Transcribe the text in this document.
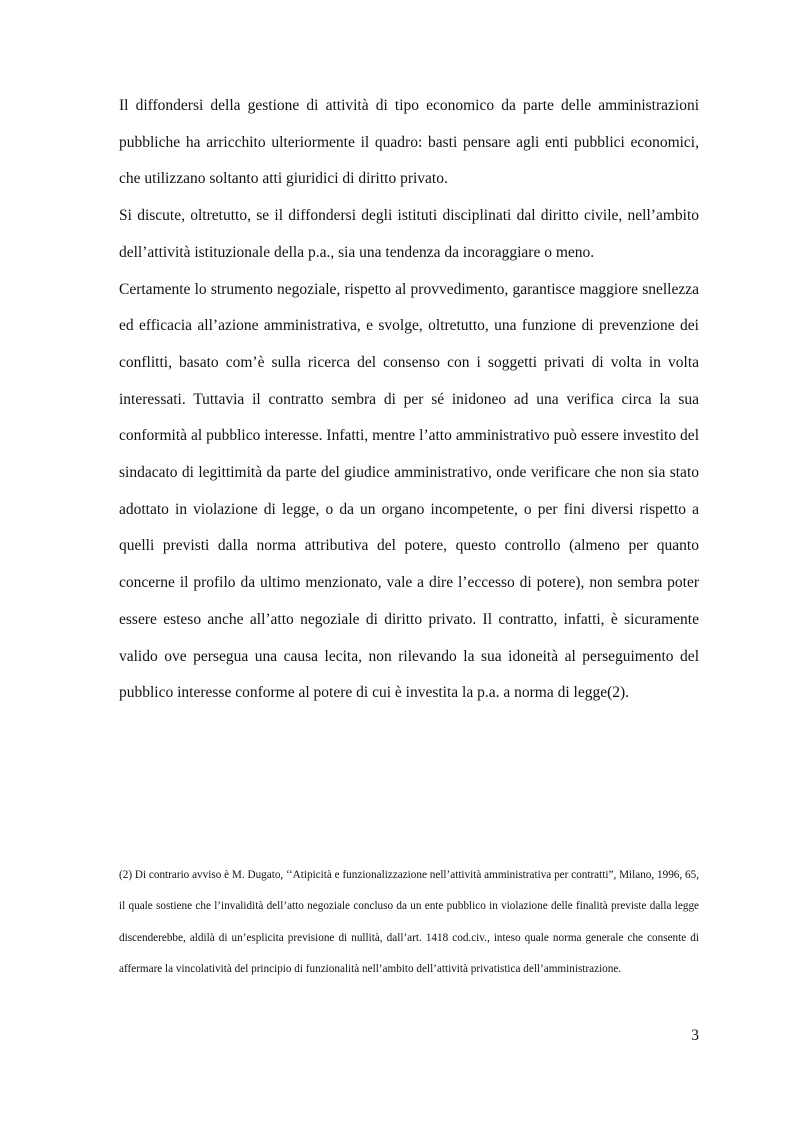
Il diffondersi della gestione di attività di tipo economico da parte delle amministrazioni pubbliche ha arricchito ulteriormente il quadro: basti pensare agli enti pubblici economici, che utilizzano soltanto atti giuridici di diritto privato.

Si discute, oltretutto, se il diffondersi degli istituti disciplinati dal diritto civile, nell’ambito dell’attività istituzionale della p.a., sia una tendenza da incoraggiare o meno.

Certamente lo strumento negoziale, rispetto al provvedimento, garantisce maggiore snellezza ed efficacia all’azione amministrativa, e svolge, oltretutto, una funzione di prevenzione dei conflitti, basato com’è sulla ricerca del consenso con i soggetti privati di volta in volta interessati. Tuttavia il contratto sembra di per sé inidoneo ad una verifica circa la sua conformità al pubblico interesse. Infatti, mentre l’atto amministrativo può essere investito del sindacato di legittimità da parte del giudice amministrativo, onde verificare che non sia stato adottato in violazione di legge, o da un organo incompetente, o per fini diversi rispetto a quelli previsti dalla norma attributiva del potere, questo controllo (almeno per quanto concerne il profilo da ultimo menzionato, vale a dire l’eccesso di potere), non sembra poter essere esteso anche all’atto negoziale di diritto privato. Il contratto, infatti, è sicuramente valido ove persegua una causa lecita, non rilevando la sua idoneità al perseguimento del pubblico interesse conforme al potere di cui è investita la p.a. a norma di legge(2).

(2) Di contrario avviso è M. Dugato, ‘‘Atipicità e funzionalizzazione nell’attività amministrativa per contratti”, Milano, 1996, 65, il quale sostiene che l’invalidità dell’atto negoziale concluso da un ente pubblico in violazione delle finalità previste dalla legge discenderebbe, aldilà di un’esplicita previsione di nullità, dall’art. 1418 cod.civ., inteso quale norma generale che consente di affermare la vincolatività del principio di funzionalità nell’ambito dell’attività privatistica dell’amministrazione.

3
